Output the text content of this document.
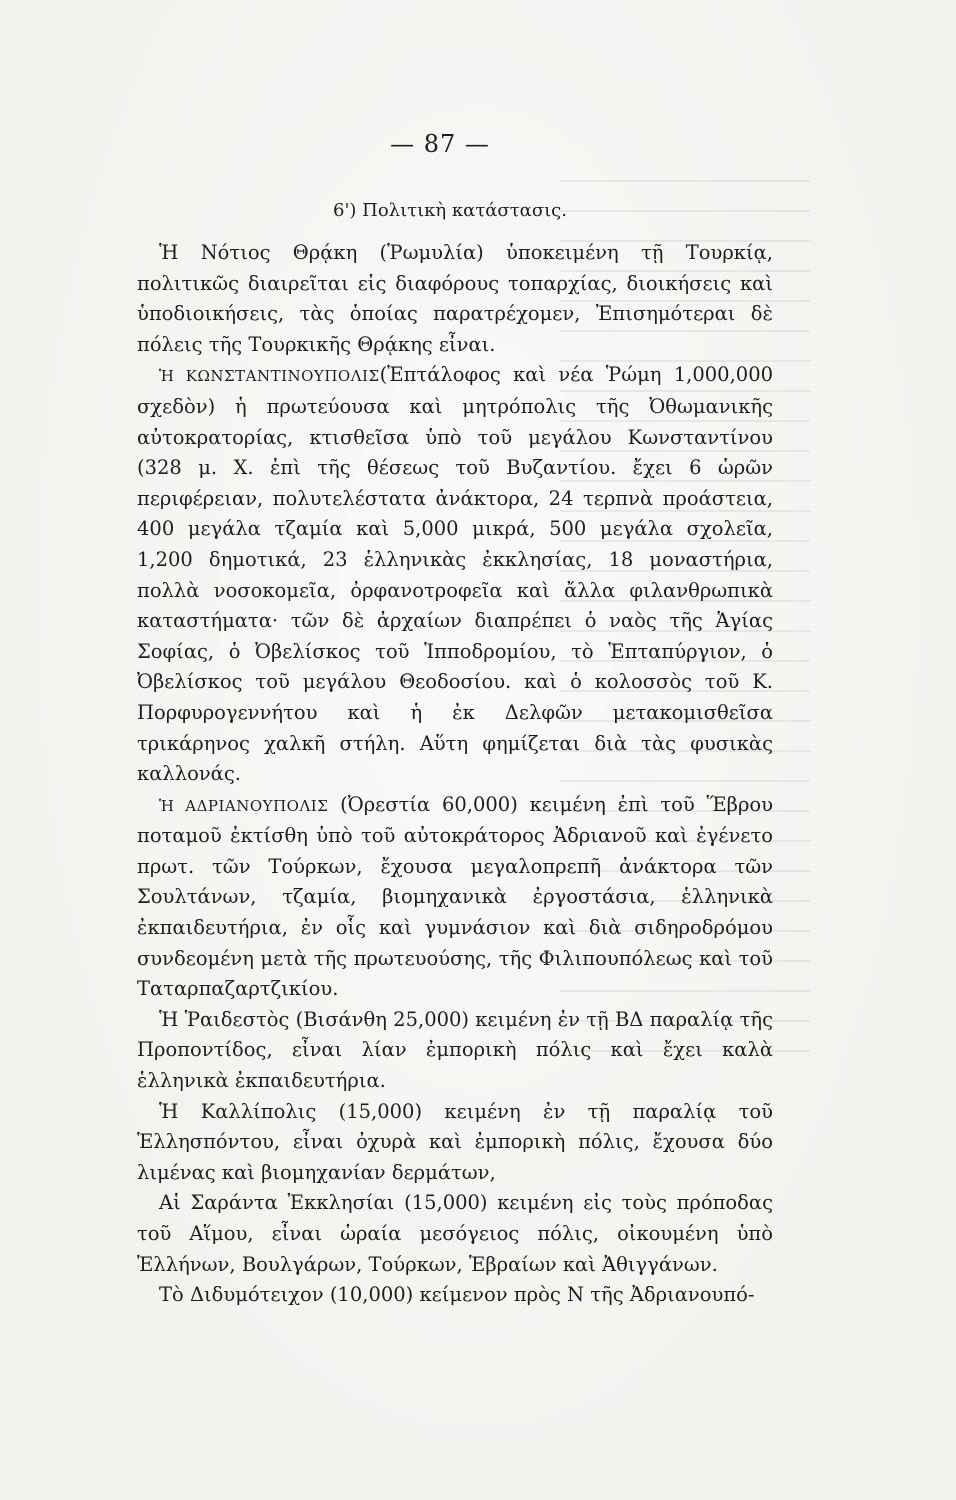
— 87 —
6') Πολιτικὴ κατάστασις.

Ἡ Νότιος Θρᾴκη (Ῥωμυλία) ὑποκειμένη τῇ Τουρκίᾳ, πολιτικῶς διαιρεῖται εἰς διαφόρους τοπαρχίας, διοικήσεις καὶ ὑποδιοικήσεις, τὰς ὁποίας παρατρέχομεν, Ἐπισημότεραι δὲ πόλεις τῆς Τουρκικῆς Θρᾴκης εἶναι.

Ἡ ΚΩΝΣΤΑΝΤΙΝΟΥΠΟΛΙΣ(Ἑπτάλοφος καὶ νέα Ῥώμη 1,000,000 σχεδὸν) ἡ πρωτεύουσα καὶ μητρόπολις τῆς Ὀθωμανικῆς αὐτοκρατορίας, κτισθεῖσα ὑπὸ τοῦ μεγάλου Κωνσταντίνου (328 μ. Χ. ἐπὶ τῆς θέσεως τοῦ Βυζαντίου. ἔχει 6 ὡρῶν περιφέρειαν, πολυτελέστατα ἀνάκτορα, 24 τερπνὰ προάστεια, 400 μεγάλα τζαμία καὶ 5,000 μικρά, 500 μεγάλα σχολεῖα, 1,200 δημοτικά, 23 ἑλληνικὰς ἐκκλησίας, 18 μοναστήρια, πολλὰ νοσοκομεῖα, ὀρφανοτροφεῖα καὶ ἄλλα φιλανθρωπικὰ καταστήματα· τῶν δὲ ἀρχαίων διαπρέπει ὁ ναὸς τῆς Ἁγίας Σοφίας, ὁ Ὀβελίσκος τοῦ Ἱπποδρομίου, τὸ Ἑπταπύργιον, ὁ Ὀβελίσκος τοῦ μεγάλου Θεοδοσίου. καὶ ὁ κολοσσὸς τοῦ Κ. Πορφυρογεννήτου καὶ ἡ ἐκ Δελφῶν μετακομισθεῖσα τρικάρηνος χαλκῆ στήλη. Αὕτη φημίζεται διὰ τὰς φυσικὰς καλλονάς.

Ἡ ΑΔΡΙΑΝΟΥΠΟΛΙΣ (Ὀρεστία 60,000) κειμένη ἐπὶ τοῦ Ἕβρου ποταμοῦ ἐκτίσθη ὑπὸ τοῦ αὐτοκράτορος Ἀδριανοῦ καὶ ἐγένετο πρωτ. τῶν Τούρκων, ἔχουσα μεγαλοπρεπῆ ἀνάκτορα τῶν Σουλτάνων, τζαμία, βιομηχανικὰ ἐργοστάσια, ἑλληνικὰ ἐκπαιδευτήρια, ἐν οἷς καὶ γυμνάσιον καὶ διὰ σιδηροδρόμου συνδεομένη μετὰ τῆς πρωτευούσης, τῆς Φιλιπουπόλεως καὶ τοῦ Ταταρπαζαρτζικίου.

Ἡ Ῥαιδεστὸς (Βισάνθη 25,000) κειμένη ἐν τῇ ΒΔ παραλίᾳ τῆς Προποντίδος, εἶναι λίαν ἐμπορικὴ πόλις καὶ ἔχει καλὰ ἑλληνικὰ ἐκπαιδευτήρια.

Ἡ Καλλίπολις (15,000) κειμένη ἐν τῇ παραλίᾳ τοῦ Ἑλλησπόντου, εἶναι ὀχυρὰ καὶ ἐμπορικὴ πόλις, ἔχουσα δύο λιμένας καὶ βιομηχανίαν δερμάτων,

Αἱ Σαράντα Ἐκκλησίαι (15,000) κειμένη εἰς τοὺς πρόποδας τοῦ Αἵμου, εἶναι ὡραία μεσόγειος πόλις, οἰκουμένη ὑπὸ Ἑλλήνων, Βουλγάρων, Τούρκων, Ἑβραίων καὶ Ἀθιγγάνων.

Τὸ Διδυμότειχον (10,000) κείμενον πρὸς Ν τῆς Ἀδριανουπό-
